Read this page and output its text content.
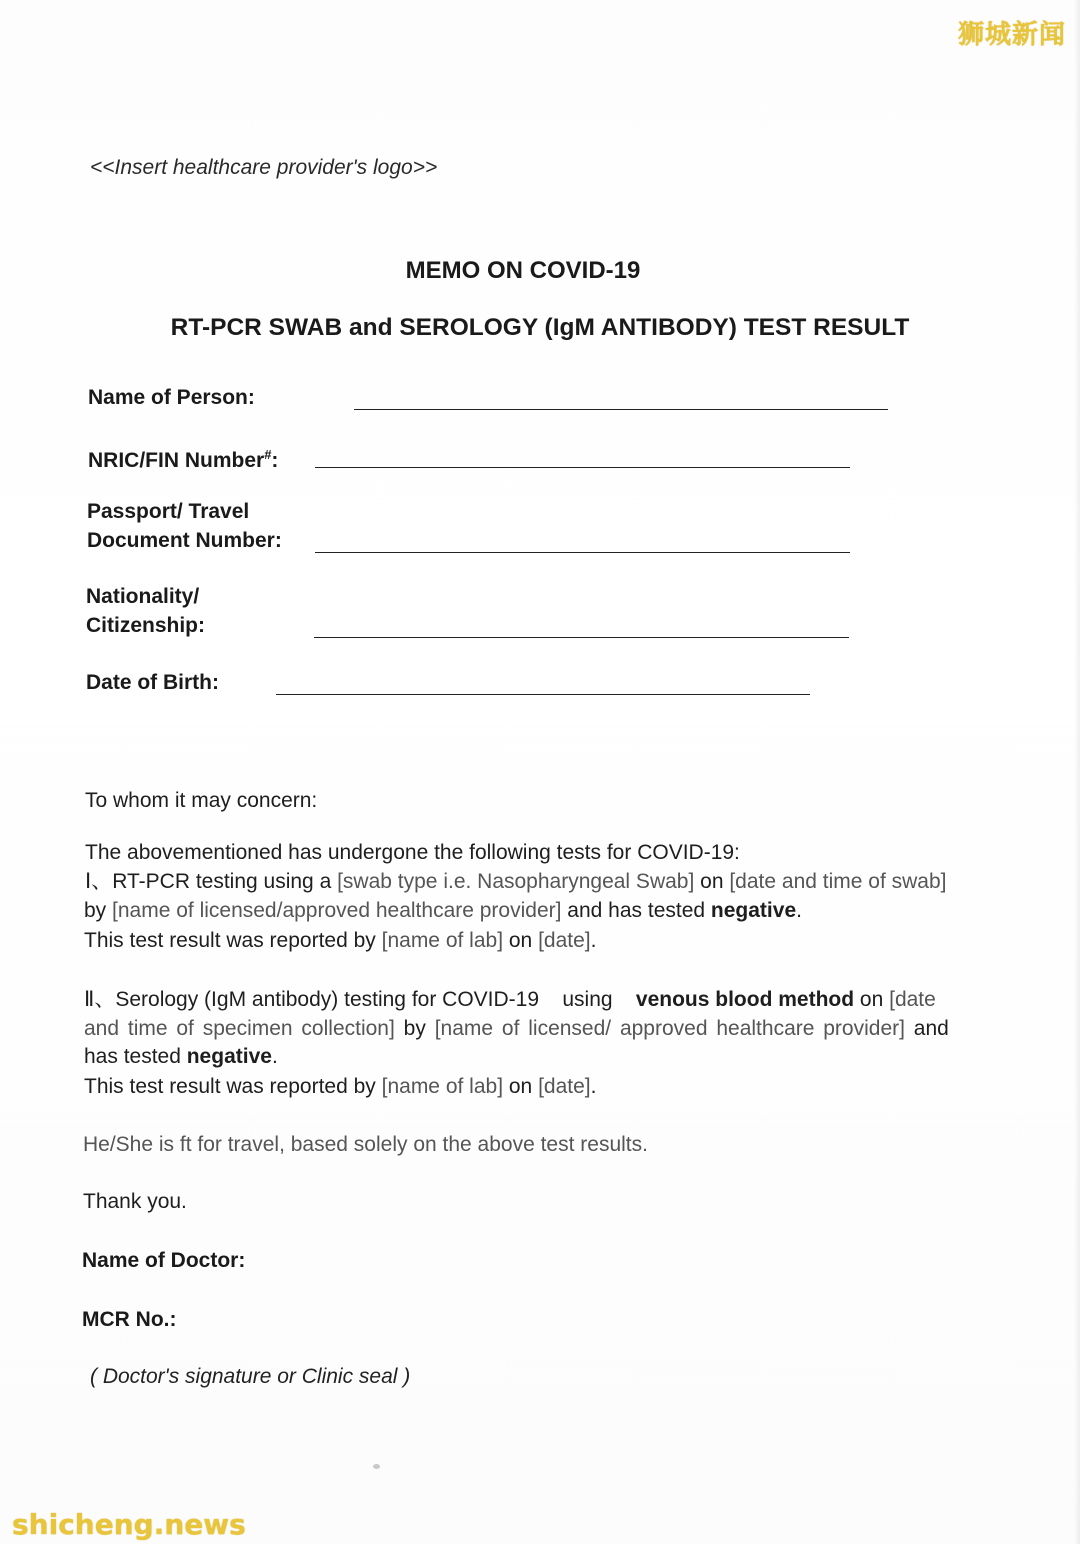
狮城新闻
<<Insert healthcare provider's logo>>
MEMO ON COVID-19
RT-PCR SWAB and SEROLOGY (IgM ANTIBODY) TEST RESULT
Name of Person:
NRIC/FIN Number#:
Passport/ Travel
Document Number:
Nationality/
Citizenship:
Date of Birth:
To whom it may concern:
The abovementioned has undergone the following tests for COVID-19:
Ⅰ、RT-PCR testing using a [swab type i.e. Nasopharyngeal Swab] on [date and time of swab]
by [name of licensed/approved healthcare provider] and has tested negative.
This test result was reported by [name of lab] on [date].
Ⅱ、Serology (IgM antibody) testing for COVID-19    using    venous blood method on [date
and time of specimen collection] by [name of licensed/ approved healthcare provider] and
has tested negative.
This test result was reported by [name of lab] on [date].
He/She is ft for travel, based solely on the above test results.
Thank you.
Name of Doctor:
MCR No.:
( Doctor's signature or Clinic seal )
shicheng.news
